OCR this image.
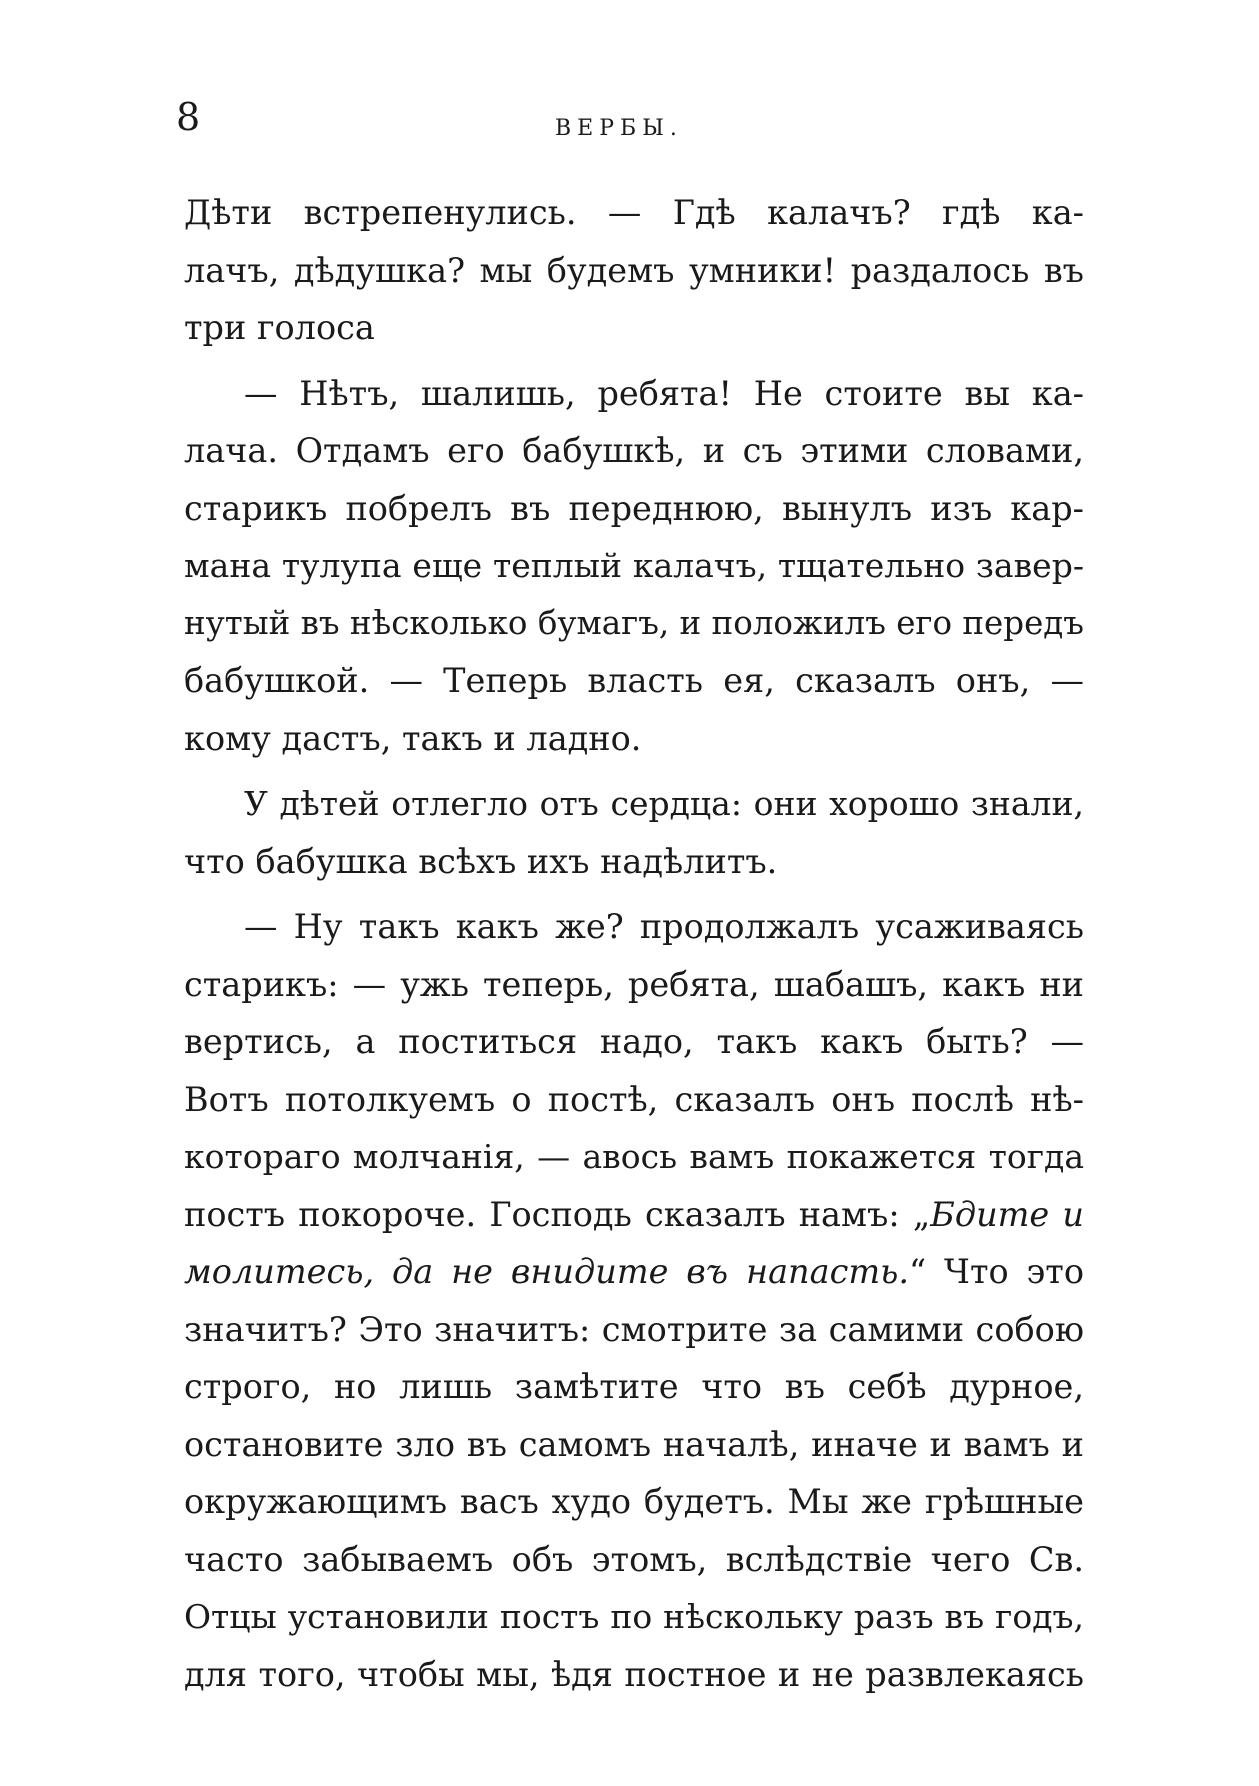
8	ВЕРБЫ.
Дѣти встрепенулись. — Гдѣ калачъ? гдѣ ка-
лачъ, дѣдушка? мы будемъ умники! раздалось въ
три голоса
— Нѣтъ, шалишь, ребята! Не стоите вы ка-
лача. Отдамъ его бабушкѣ, и съ этими словами,
старикъ побрелъ въ переднюю, вынулъ изъ кар-
мана тулупа еще теплый калачъ, тщательно завер-
нутый въ нѣсколько бумагъ, и положилъ его передъ
бабушкой. — Теперь власть ея, сказалъ онъ, —
кому дастъ, такъ и ладно.
У дѣтей отлегло отъ сердца: они хорошо знали,
что бабушка всѣхъ ихъ надѣлитъ.
— Ну такъ какъ же? продолжалъ усаживаясь
старикъ: — ужь теперь, ребята, шабашъ, какъ ни
вертись, а поститься надо, такъ какъ быть? —
Вотъ потолкуемъ о постѣ, сказалъ онъ послѣ нѣ-
котораго молчанія, — авось вамъ покажется тогда
постъ покороче. Господь сказалъ намъ: „Бдите и
молитесь, да не внидите въ напасть.“ Что это
значитъ? Это значитъ: смотрите за самими собою
строго, но лишь замѣтите что въ себѣ дурное,
остановите зло въ самомъ началѣ, иначе и вамъ и
окружающимъ васъ худо будетъ. Мы же грѣшные
часто забываемъ объ этомъ, вслѣдствіе чего Св.
Отцы установили постъ по нѣскольку разъ въ годъ,
для того, чтобы мы, ѣдя постное и не развлекаясь
